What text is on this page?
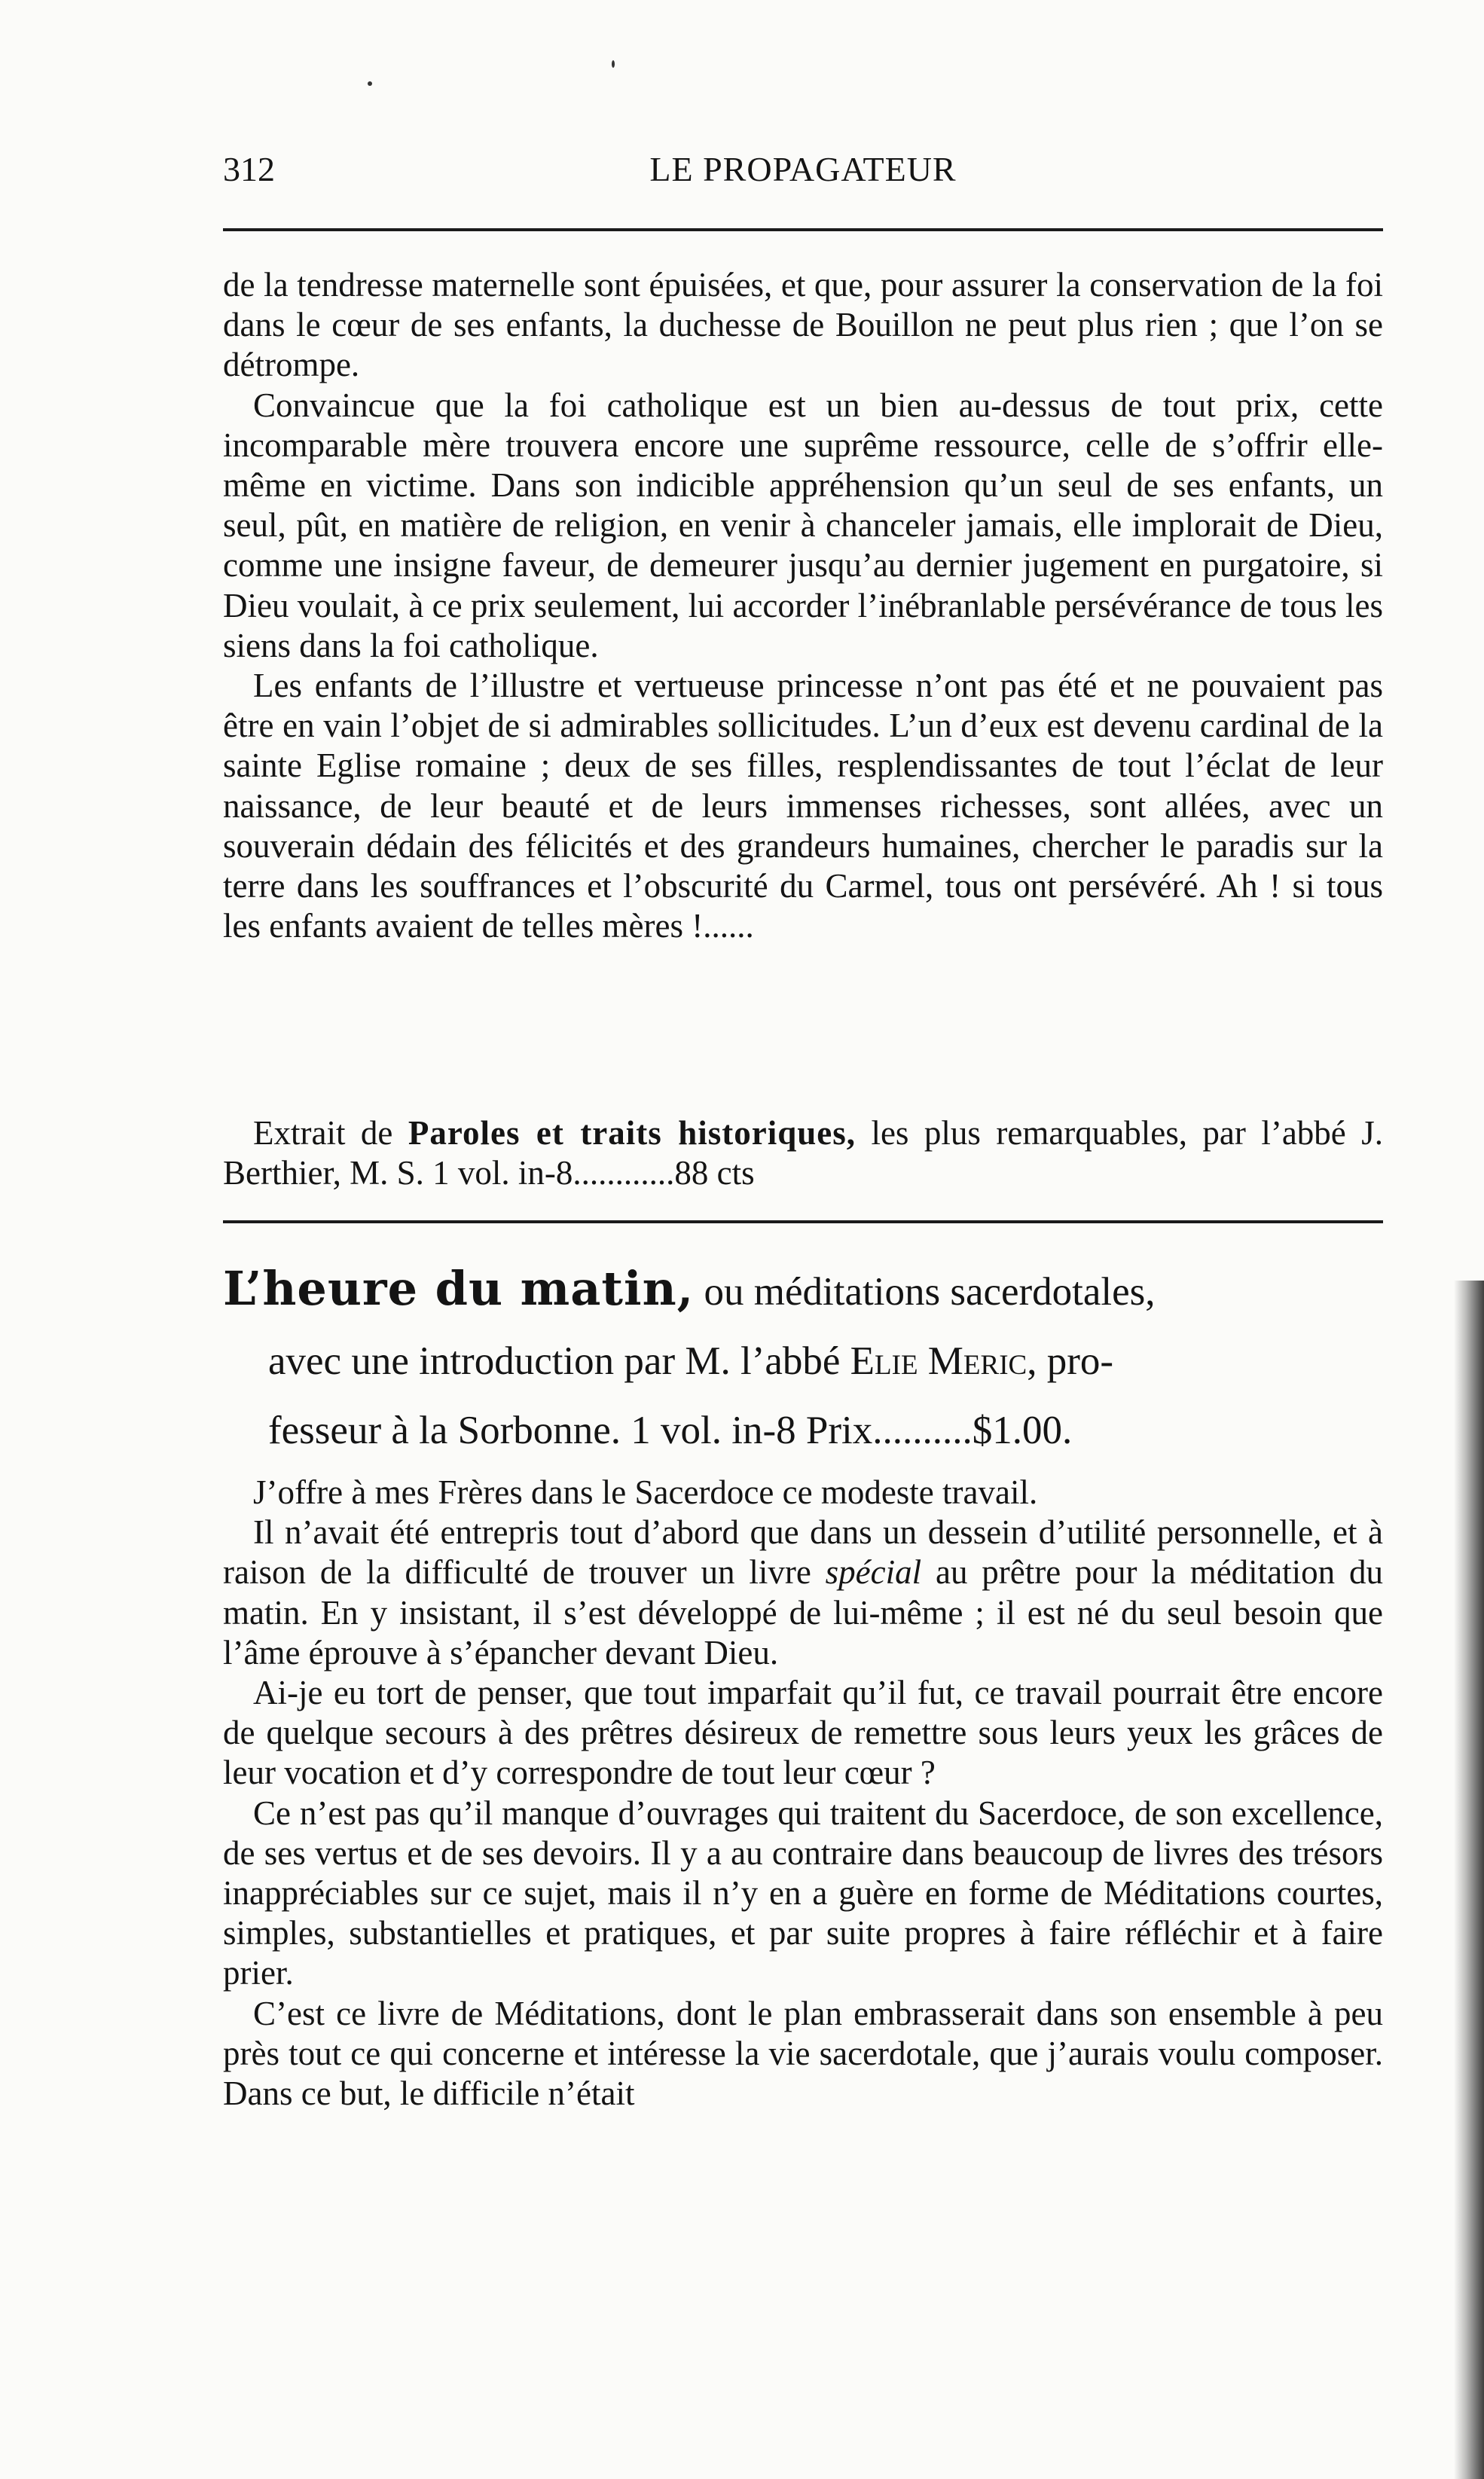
312	LE PROPAGATEUR

de la tendresse maternelle sont épuisées, et que, pour assurer la conservation de la foi dans le cœur de ses enfants, la duchesse de Bouillon ne peut plus rien ; que l’on se détrompe.

Convaincue que la foi catholique est un bien au-dessus de tout prix, cette incomparable mère trouvera encore une suprême ressource, celle de s’offrir elle-même en victime. Dans son indicible appréhension qu’un seul de ses enfants, un seul, pût, en matière de religion, en venir à chanceler jamais, elle implorait de Dieu, comme une insigne faveur, de demeurer jusqu’au dernier jugement en purgatoire, si Dieu voulait, à ce prix seulement, lui accorder l’inébranlable persévérance de tous les siens dans la foi catholique.

Les enfants de l’illustre et vertueuse princesse n’ont pas été et ne pouvaient pas être en vain l’objet de si admirables sollicitudes. L’un d’eux est devenu cardinal de la sainte Eglise romaine ; deux de ses filles, resplendissantes de tout l’éclat de leur naissance, de leur beauté et de leurs immenses richesses, sont allées, avec un souverain dédain des félicités et des grandeurs humaines, chercher le paradis sur la terre dans les souffrances et l’obscurité du Carmel, tous ont persévéré. Ah ! si tous les enfants avaient de telles mères !......

Extrait de Paroles et traits historiques, les plus remarquables, par l’abbé J. Berthier, M. S. 1 vol. in-8............88 cts

L’heure du matin, ou méditations sacerdotales,

avec une introduction par M. l’abbé Elie Meric, pro-

fesseur à la Sorbonne. 1 vol. in-8 Prix..........$1.00.

J’offre à mes Frères dans le Sacerdoce ce modeste travail.

Il n’avait été entrepris tout d’abord que dans un dessein d’utilité personnelle, et à raison de la difficulté de trouver un livre spécial au prêtre pour la méditation du matin. En y insistant, il s’est développé de lui-même ; il est né du seul besoin que l’âme éprouve à s’épancher devant Dieu.

Ai-je eu tort de penser, que tout imparfait qu’il fut, ce travail pourrait être encore de quelque secours à des prêtres désireux de remettre sous leurs yeux les grâces de leur vocation et d’y correspondre de tout leur cœur ?

Ce n’est pas qu’il manque d’ouvrages qui traitent du Sacerdoce, de son excellence, de ses vertus et de ses devoirs. Il y a au contraire dans beaucoup de livres des trésors inappréciables sur ce sujet, mais il n’y en a guère en forme de Méditations courtes, simples, substantielles et pratiques, et par suite propres à faire réfléchir et à faire prier.

C’est ce livre de Méditations, dont le plan embrasserait dans son ensemble à peu près tout ce qui concerne et intéresse la vie sacerdotale, que j’aurais voulu composer. Dans ce but, le difficile n’était
